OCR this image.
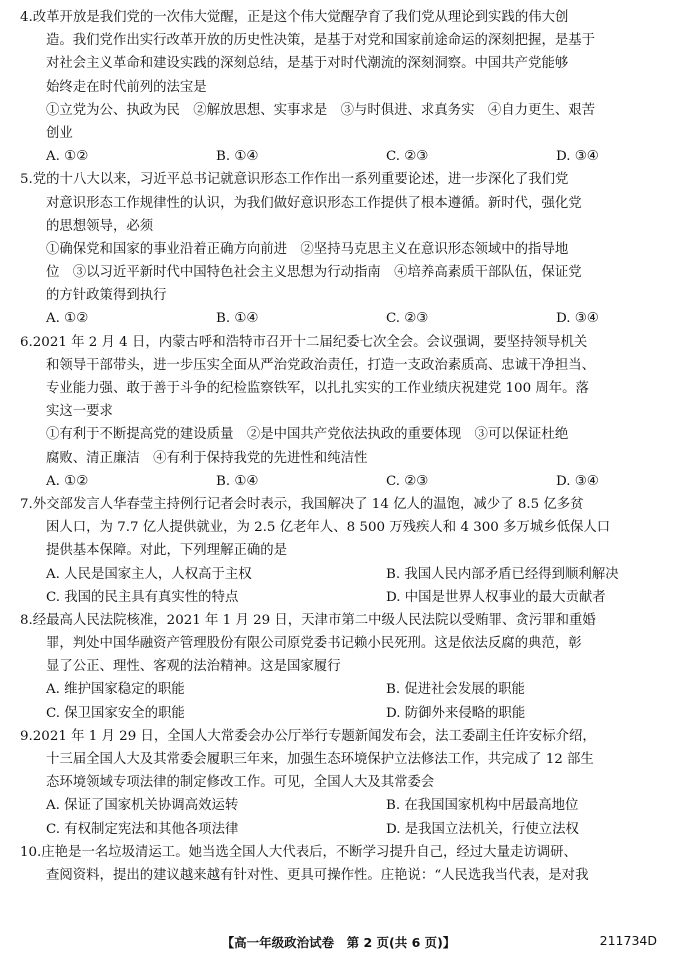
4.改革开放是我们党的一次伟大觉醒，正是这个伟大觉醒孕育了我们党从理论到实践的伟大创
造。我们党作出实行改革开放的历史性决策，是基于对党和国家前途命运的深刻把握，是基于
对社会主义革命和建设实践的深刻总结，是基于对时代潮流的深刻洞察。中国共产党能够
始终走在时代前列的法宝是
①立党为公、执政为民　②解放思想、实事求是　③与时俱进、求真务实　④自力更生、艰苦
创业
A. ①②	B. ①④	C. ②③	D. ③④
5.党的十八大以来，习近平总书记就意识形态工作作出一系列重要论述，进一步深化了我们党
对意识形态工作规律性的认识，为我们做好意识形态工作提供了根本遵循。新时代，强化党
的思想领导，必须
①确保党和国家的事业沿着正确方向前进　②坚持马克思主义在意识形态领域中的指导地
位　③以习近平新时代中国特色社会主义思想为行动指南　④培养高素质干部队伍，保证党
的方针政策得到执行
A. ①②	B. ①④	C. ②③	D. ③④
6.2021 年 2 月 4 日，内蒙古呼和浩特市召开十二届纪委七次全会。会议强调，要坚持领导机关
和领导干部带头，进一步压实全面从严治党政治责任，打造一支政治素质高、忠诚干净担当、
专业能力强、敢于善于斗争的纪检监察铁军，以扎扎实实的工作业绩庆祝建党 100 周年。落
实这一要求
①有利于不断提高党的建设质量　②是中国共产党依法执政的重要体现　③可以保证杜绝
腐败、清正廉洁　④有利于保持我党的先进性和纯洁性
A. ①②	B. ①④	C. ②③	D. ③④
7.外交部发言人华春莹主持例行记者会时表示，我国解决了 14 亿人的温饱，减少了 8.5 亿多贫
困人口，为 7.7 亿人提供就业，为 2.5 亿老年人、8 500 万残疾人和 4 300 多万城乡低保人口
提供基本保障。对此，下列理解正确的是
A. 人民是国家主人，人权高于主权	B. 我国人民内部矛盾已经得到顺利解决
C. 我国的民主具有真实性的特点	D. 中国是世界人权事业的最大贡献者
8.经最高人民法院核准，2021 年 1 月 29 日，天津市第二中级人民法院以受贿罪、贪污罪和重婚
罪，判处中国华融资产管理股份有限公司原党委书记赖小民死刑。这是依法反腐的典范，彰
显了公正、理性、客观的法治精神。这是国家履行
A. 维护国家稳定的职能	B. 促进社会发展的职能
C. 保卫国家安全的职能	D. 防御外来侵略的职能
9.2021 年 1 月 29 日，全国人大常委会办公厅举行专题新闻发布会，法工委副主任许安标介绍，
十三届全国人大及其常委会履职三年来，加强生态环境保护立法修法工作，共完成了 12 部生
态环境领域专项法律的制定修改工作。可见，全国人大及其常委会
A. 保证了国家机关协调高效运转	B. 在我国国家机构中居最高地位
C. 有权制定宪法和其他各项法律	D. 是我国立法机关，行使立法权
10.庄艳是一名垃圾清运工。她当选全国人大代表后，不断学习提升自己，经过大量走访调研、
查阅资料，提出的建议越来越有针对性、更具可操作性。庄艳说：“人民选我当代表，是对我
【高一年级政治试卷　第 2 页(共 6 页)】	211734D
